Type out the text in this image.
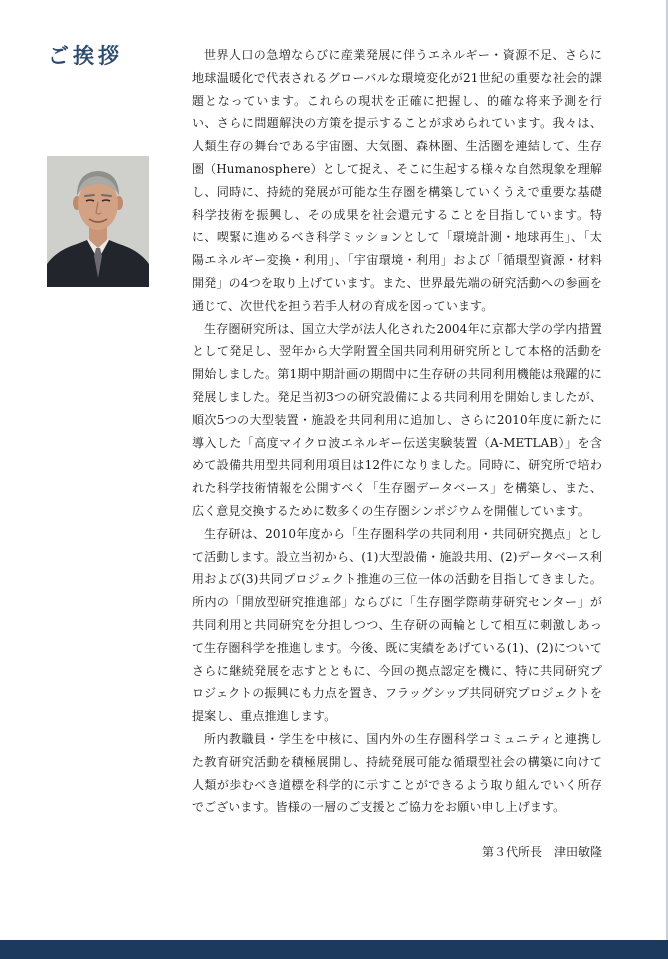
ご挨拶	世界人口の急増ならびに産業発展に伴うエネルギー・資源不足、さらに地球温暖化で代表されるグローバルな環境変化が21世紀の重要な社会的課題となっています。これらの現状を正確に把握し、的確な将来予測を行い、さらに問題解決の方策を提示することが求められています。我々は、人類生存の舞台である宇宙圏、大気圏、森林圏、生活圏を連結して、生存圏（Humanosphere）として捉え、そこに生起する様々な自然現象を理解し、同時に、持続的発展が可能な生存圏を構築していくうえで重要な基礎科学技術を振興し、その成果を社会還元することを目指しています。特に、喫緊に進めるべき科学ミッションとして「環境計測・地球再生」、「太陽エネルギー変換・利用」、「宇宙環境・利用」および「循環型資源・材料開発」の4つを取り上げています。また、世界最先端の研究活動への参画を通じて、次世代を担う若手人材の育成を図っています。

生存圏研究所は、国立大学が法人化された2004年に京都大学の学内措置として発足し、翌年から大学附置全国共同利用研究所として本格的活動を開始しました。第1期中期計画の期間中に生存研の共同利用機能は飛躍的に発展しました。発足当初3つの研究設備による共同利用を開始しましたが、順次5つの大型装置・施設を共同利用に追加し、さらに2010年度に新たに導入した「高度マイクロ波エネルギー伝送実験装置（A-METLAB）」を含めて設備共用型共同利用項目は12件になりました。同時に、研究所で培われた科学技術情報を公開すべく「生存圏データベース」を構築し、また、広く意見交換するために数多くの生存圏シンポジウムを開催しています。

生存研は、2010年度から「生存圏科学の共同利用・共同研究拠点」として活動します。設立当初から、(1)大型設備・施設共用、(2)データベース利用および(3)共同プロジェクト推進の三位一体の活動を目指してきました。所内の「開放型研究推進部」ならびに「生存圏学際萌芽研究センター」が共同利用と共同研究を分担しつつ、生存研の両輪として相互に刺激しあって生存圏科学を推進します。今後、既に実績をあげている(1)、(2)についてさらに継続発展を志すとともに、今回の拠点認定を機に、特に共同研究プロジェクトの振興にも力点を置き、フラッグシップ共同研究プロジェクトを提案し、重点推進します。

所内教職員・学生を中核に、国内外の生存圏科学コミュニティと連携した教育研究活動を積極展開し、持続発展可能な循環型社会の構築に向けて人類が歩むべき道標を科学的に示すことができるよう取り組んでいく所存でございます。皆様の一層のご支援とご協力をお願い申し上げます。

第３代所長　津田敏隆
